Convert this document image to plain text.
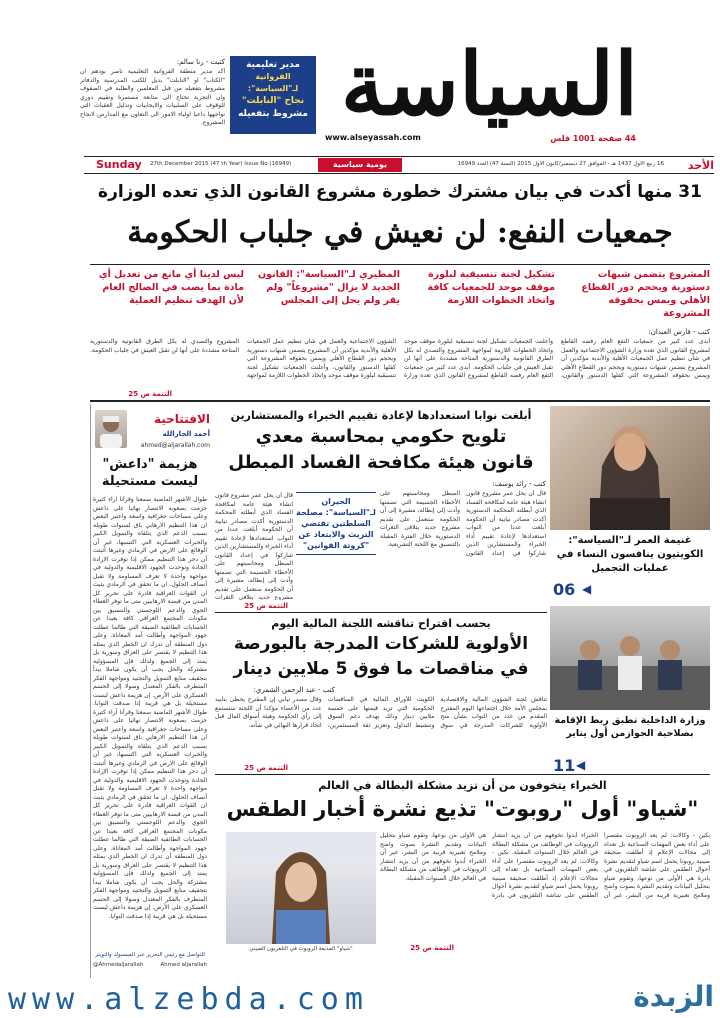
السياسة
44 صفحة 1001 فلس
www.alseyassah.com
مدير تعليمية
الفروانية لـ"السياسة":
نجاح "النابلت"
مشروط بتفعيله
كتبت - رنا سالم:
أكد مدير منطقة الفروانية التعليمية ناصر بودهم ان "الكتاب" او "النابلت" بديل للكتب المدرسية والدفاتر مشروط بتفعيله من قبل المعلمين والطلبة في الصفوف وان التجربة تحتاج الى متابعة مستمرة وتقييم دوري للوقوف على السلبيات والايجابيات وتذليل العقبات التي تواجهها داعيا اولياء الامور الى التعاون مع المدارس لانجاح المشروع.
الأحد
16 ربيع الأول 1437 هـ - الموافق 27 ديسمبر/كانون الأول 2015 (السنة 47) العدد 16949
يومية سياسية مستقلة
27th December 2015 (47 th Year) Issue No (16949)
Sunday
31 منها أكدت في بيان مشترك خطورة مشروع القانون الذي تعده الوزارة
جمعيات النفع: لن نعيش في جلباب الحكومة
المشروع يتضمن شبهات دستورية ويحجم دور القطاع الأهلي ويمس بحقوقه المشروعة
تشكيل لجنة تنسيقية لبلورة موقف موحد للجمعيات كافة واتخاذ الخطوات اللازمة
المطيري لـ"السياسة": القانون الجديد لا يزال "مشروعاً" ولم يقر ولم يحل إلى المجلس
ليس لدينا أي مانع من تعديل أي مادة بما يصب في الصالح العام لأن الهدف تنظيم العملية
كتب - فارس العبدان:
أبدى عدد كبير من جمعيات النفع العام رفضه القاطع لمشروع القانون الذي تعده وزارة الشؤون الاجتماعية والعمل في شأن تنظيم عمل الجمعيات الأهلية والأندية مؤكدين أن المشروع يتضمن شبهات دستورية ويحجم دور القطاع الأهلي ويمس بحقوقه المشروعة التي كفلها الدستور والقانون، وأعلنت الجمعيات تشكيل لجنة تنسيقية لبلورة موقف موحد واتخاذ الخطوات اللازمة لمواجهة المشروع والتصدي له بكل الطرق القانونية والدستورية المتاحة مشددة على أنها لن تقبل العيش في جلباب الحكومة. أبدى عدد كبير من جمعيات النفع العام رفضه القاطع لمشروع القانون الذي تعده وزارة الشؤون الاجتماعية والعمل في شأن تنظيم عمل الجمعيات الأهلية والأندية مؤكدين أن المشروع يتضمن شبهات دستورية ويحجم دور القطاع الأهلي ويمس بحقوقه المشروعة التي كفلها الدستور والقانون، وأعلنت الجمعيات تشكيل لجنة تنسيقية لبلورة موقف موحد واتخاذ الخطوات اللازمة لمواجهة المشروع والتصدي له بكل الطرق القانونية والدستورية المتاحة مشددة على أنها لن تقبل العيش في جلباب الحكومة.
التتمة ص 25
الافتتاحية
أحمد الجارالله
ahmed@aljarallah.com
هزيمة "داعش"
ليست مستحيلة
طوال الأشهر الماضية سمعنا وقرأنا آراء كثيرة جزمت بصعوبة الانتصار نهائيا على داعش وعلى مساحات جغرافية واسعة واعتبر البعض ان هذا التنظيم الارهابي باق لسنوات طويلة بسبب الدعم الذي يتلقاه والتمويل الكبير والخبرات العسكرية التي اكتسبها، غير أن الوقائع على الارض في الرمادي وغيرها أثبتت أن دحر هذا التنظيم ممكن إذا توفرت الإرادة الجادة وتوحدت الجهود الاقليمية والدولية في مواجهة واحدة لا تعرف المساومة ولا تقبل أنصاف الحلول. ان ما تحقق في الرمادي يثبت ان القوات العراقية قادرة على تحرير كل المدن من قبضة الارهابيين متى ما توفر الغطاء الجوي والدعم اللوجستي والتنسيق بين مكونات المجتمع العراقي كافة بعيدا عن الحسابات الطائفية الضيقة التي طالما عطلت جهود المواجهة وأطالت أمد المعاناة. وعلى دول المنطقة أن تدرك ان الخطر الذي يمثله هذا التنظيم لا يقتصر على العراق وسورية بل يمتد إلى الجميع ولذلك فإن المسؤولية مشتركة والحل يجب أن يكون شاملا يبدأ بتجفيف منابع التمويل والتجنيد ومواجهة الفكر المتطرف بالفكر المعتدل وصولا إلى الحسم العسكري على الأرض. إن هزيمة داعش ليست مستحيلة بل هي قريبة إذا صدقت النوايا. طوال الأشهر الماضية سمعنا وقرأنا آراء كثيرة جزمت بصعوبة الانتصار نهائيا على داعش وعلى مساحات جغرافية واسعة واعتبر البعض ان هذا التنظيم الارهابي باق لسنوات طويلة بسبب الدعم الذي يتلقاه والتمويل الكبير والخبرات العسكرية التي اكتسبها، غير أن الوقائع على الارض في الرمادي وغيرها أثبتت أن دحر هذا التنظيم ممكن إذا توفرت الإرادة الجادة وتوحدت الجهود الاقليمية والدولية في مواجهة واحدة لا تعرف المساومة ولا تقبل أنصاف الحلول. ان ما تحقق في الرمادي يثبت ان القوات العراقية قادرة على تحرير كل المدن من قبضة الارهابيين متى ما توفر الغطاء الجوي والدعم اللوجستي والتنسيق بين مكونات المجتمع العراقي كافة بعيدا عن الحسابات الطائفية الضيقة التي طالما عطلت جهود المواجهة وأطالت أمد المعاناة. وعلى دول المنطقة أن تدرك ان الخطر الذي يمثله هذا التنظيم لا يقتصر على العراق وسورية بل يمتد إلى الجميع ولذلك فإن المسؤولية مشتركة والحل يجب أن يكون شاملا يبدأ بتجفيف منابع التمويل والتجنيد ومواجهة الفكر المتطرف بالفكر المعتدل وصولا إلى الحسم العسكري على الأرض. إن هزيمة داعش ليست مستحيلة بل هي قريبة إذا صدقت النوايا.
للتواصل مع رئيس التحرير عبر الفيسبوك والتويتر
@Ahmedaljarallah	Ahmed aljarallah
أبلغت نوابا استعدادها لإعادة تقييم الخبراء والمستشارين
تلويح حكومي بمحاسبة معدي
قانون هيئة مكافحة الفساد المبطل
كتب - رائد يوسف:
قال أن يحل عمر مشروع قانون انشاء هيئة عامة لمكافحة الفساد الذي أبطلته المحكمة الدستورية أكدت مصادر نيابية أن الحكومة أبلغت عددا من النواب استعدادها لإعادة تقييم أداء الخبراء والمستشارين الذين شاركوا في إعداد القانون المبطل ومحاسبتهم على الأخطاء الجسيمة التي تضمنها وأدت إلى إبطاله، مشيرة إلى أن الحكومة ستعمل على تقديم مشروع جديد يتلافى الثغرات الدستورية خلال الفترة المقبلة بالتنسيق مع اللجنة التشريعية.
الجيران لـ"السياسة": مصلحة السلطتين تقتضي التريث والابتعاد عن "كروتة القوانين"
قال أن يحل عمر مشروع قانون انشاء هيئة عامة لمكافحة الفساد الذي أبطلته المحكمة الدستورية أكدت مصادر نيابية أن الحكومة أبلغت عددا من النواب استعدادها لإعادة تقييم أداء الخبراء والمستشارين الذين شاركوا في إعداد القانون المبطل ومحاسبتهم على الأخطاء الجسيمة التي تضمنها وأدت إلى إبطاله، مشيرة إلى أن الحكومة ستعمل على تقديم مشروع جديد يتلافى الثغرات
التتمة ص 25
بحسب اقتراح تناقشه اللجنة المالية اليوم
الأولوية للشركات المدرجة بالبورصة
في مناقصات ما فوق 5 ملايين دينار
كتب - عبد الرحمن الشمري:
تناقش لجنة الشؤون المالية والاقتصادية بمجلس الأمة خلال اجتماعها اليوم المقترح المقدم من عدد من النواب بشأن منح الأولوية للشركات المدرجة في سوق الكويت للأوراق المالية في المناقصات الحكومية التي تزيد قيمتها على خمسة ملايين دينار وذلك بهدف دعم السوق وتنشيط التداول وتعزيز ثقة المستثمرين، وقال مصدر نيابي إن المقترح يحظى بتأييد عدد من الأعضاء مؤكدا أن اللجنة ستستمع إلى رأي الحكومة وهيئة أسواق المال قبل اتخاذ قرارها النهائي في شأنه.
التتمة ص 25
غنيمة العمر لـ"السياسة": الكويتيون ينافسون النساء في عمليات التجميل
06 ◀
وزارة الداخلية تطبق ربط الإقامة بصلاحية الجوازمن أول يناير
11 ◀
الخبراء يتخوفون من أن تزيد مشكلة البطالة في العالم
"شياو" أول "روبوت" تذيع نشرة أخبار الطقس
"شياو" المذيعة الروبوت في التلفزيون الصيني
بكين - وكالات: لم يعد الروبوت مقتصرا على أداء بعض المهمات الصناعية بل تعداه إلى مجالات الإعلام إذ أطلقت صحيفة صينية روبوتا يحمل اسم شياو لتقديم نشرة أحوال الطقس على شاشة التلفزيون في بادرة هي الأولى من نوعها، وتقوم شياو بتحليل البيانات وتقديم النشرة بصوت واضح وملامح تعبيرية قريبة من البشر، غير أن الخبراء أبدوا تخوفهم من أن يزيد انتشار الروبوتات في الوظائف من مشكلة البطالة في العالم خلال السنوات المقبلة. بكين - وكالات: لم يعد الروبوت مقتصرا على أداء بعض المهمات الصناعية بل تعداه إلى مجالات الإعلام إذ أطلقت صحيفة صينية روبوتا يحمل اسم شياو لتقديم نشرة أحوال الطقس على شاشة التلفزيون في بادرة هي الأولى من نوعها، وتقوم شياو بتحليل البيانات وتقديم النشرة بصوت واضح وملامح تعبيرية قريبة من البشر، غير أن الخبراء أبدوا تخوفهم من أن يزيد انتشار الروبوتات في الوظائف من مشكلة البطالة في العالم خلال السنوات المقبلة.
التتمة ص 25
www.alzebda.com	الزبدة
